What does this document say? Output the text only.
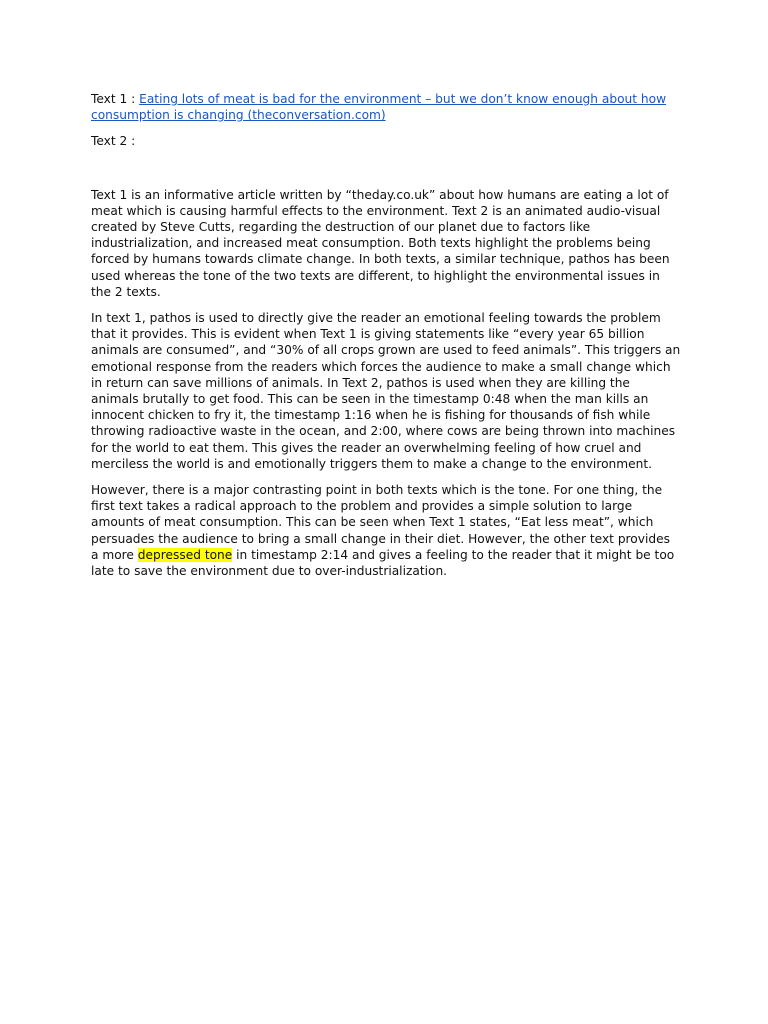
Text 1 : Eating lots of meat is bad for the environment – but we don’t know enough about how consumption is changing (theconversation.com)

Text 2 :

Text 1 is an informative article written by “theday.co.uk” about how humans are eating a lot of meat which is causing harmful effects to the environment. Text 2 is an animated audio-visual created by Steve Cutts, regarding the destruction of our planet due to factors like industrialization, and increased meat consumption. Both texts highlight the problems being forced by humans towards climate change. In both texts, a similar technique, pathos has been used whereas the tone of the two texts are different, to highlight the environmental issues in the 2 texts.

In text 1, pathos is used to directly give the reader an emotional feeling towards the problem that it provides. This is evident when Text 1 is giving statements like “every year 65 billion animals are consumed”, and “30% of all crops grown are used to feed animals”. This triggers an emotional response from the readers which forces the audience to make a small change which in return can save millions of animals. In Text 2, pathos is used when they are killing the animals brutally to get food. This can be seen in the timestamp 0:48 when the man kills an innocent chicken to fry it, the timestamp 1:16 when he is fishing for thousands of fish while throwing radioactive waste in the ocean, and 2:00, where cows are being thrown into machines for the world to eat them. This gives the reader an overwhelming feeling of how cruel and merciless the world is and emotionally triggers them to make a change to the environment.

However, there is a major contrasting point in both texts which is the tone. For one thing, the first text takes a radical approach to the problem and provides a simple solution to large amounts of meat consumption. This can be seen when Text 1 states, “Eat less meat”, which persuades the audience to bring a small change in their diet. However, the other text provides a more depressed tone in timestamp 2:14 and gives a feeling to the reader that it might be too late to save the environment due to over-industrialization.
